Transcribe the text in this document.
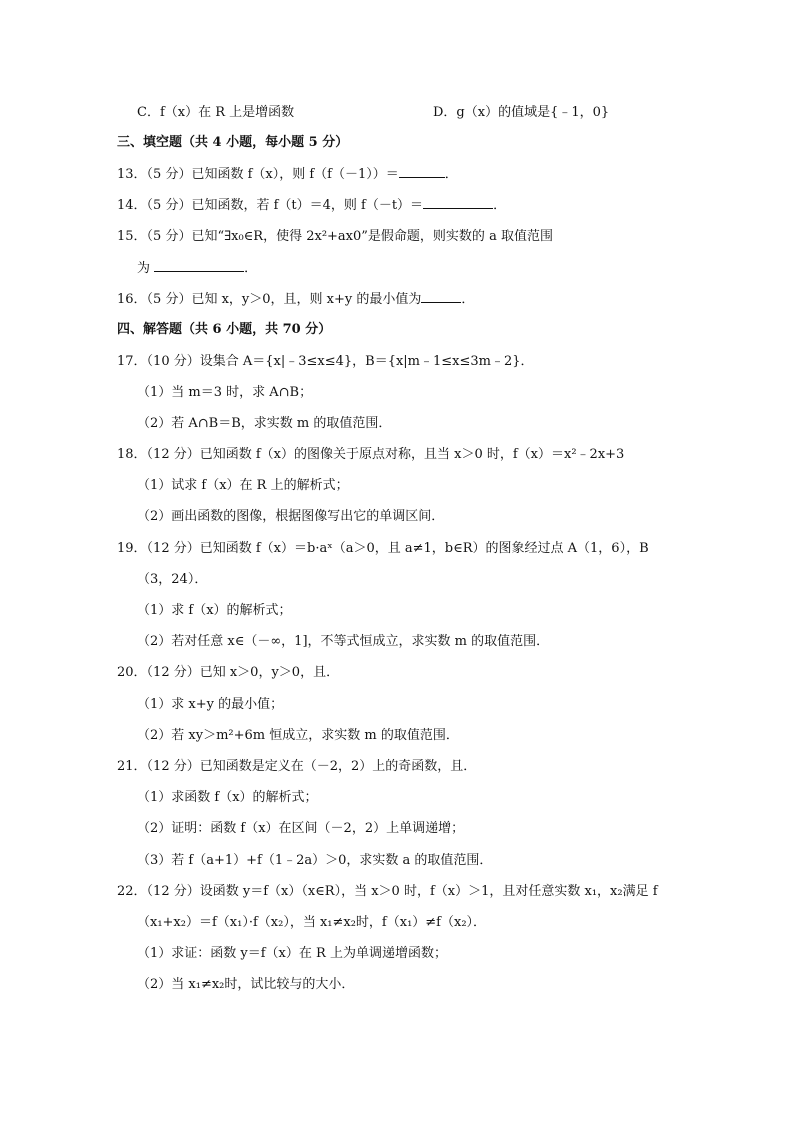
C．f（x）在 R 上是增函数	D．g（x）的值域是{﹣1，0}
三、填空题（共 4 小题，每小题 5 分）
13．（5 分）已知函数 f（x），则 f（f（－1））＝	．
14．（5 分）已知函数，若 f（t）＝4，则 f（－t）＝	．
15．（5 分）已知“∃x₀∈R，使得 2x²+ax0”是假命题，则实数的 a 取值范围
为	．
16．（5 分）已知 x，y＞0，且，则 x+y 的最小值为	．
四、解答题（共 6 小题，共 70 分）
17．（10 分）设集合 A＝{x|﹣3≤x≤4}，B＝{x|m﹣1≤x≤3m﹣2}．
（1）当 m＝3 时，求 A∩B；
（2）若 A∩B＝B，求实数 m 的取值范围．
18．（12 分）已知函数 f（x）的图像关于原点对称，且当 x＞0 时，f（x）＝x²﹣2x+3
（1）试求 f（x）在 R 上的解析式；
（2）画出函数的图像，根据图像写出它的单调区间．
19．（12 分）已知函数 f（x）＝b·aˣ（a＞0，且 a≠1，b∈R）的图象经过点 A（1，6），B
（3，24）．
（1）求 f（x）的解析式；
（2）若对任意 x∈（－∞，1]，不等式恒成立，求实数 m 的取值范围．
20．（12 分）已知 x＞0，y＞0，且．
（1）求 x+y 的最小值；
（2）若 xy＞m²+6m 恒成立，求实数 m 的取值范围．
21．（12 分）已知函数是定义在（－2，2）上的奇函数，且．
（1）求函数 f（x）的解析式；
（2）证明：函数 f（x）在区间（－2，2）上单调递增；
（3）若 f（a+1）+f（1﹣2a）＞0，求实数 a 的取值范围．
22．（12 分）设函数 y＝f（x）（x∈R），当 x＞0 时，f（x）＞1，且对任意实数 x₁，x₂满足 f
（x₁+x₂）＝f（x₁）·f（x₂），当 x₁≠x₂时，f（x₁）≠f（x₂）．
（1）求证：函数 y＝f（x）在 R 上为单调递增函数；
（2）当 x₁≠x₂时，试比较与的大小．
